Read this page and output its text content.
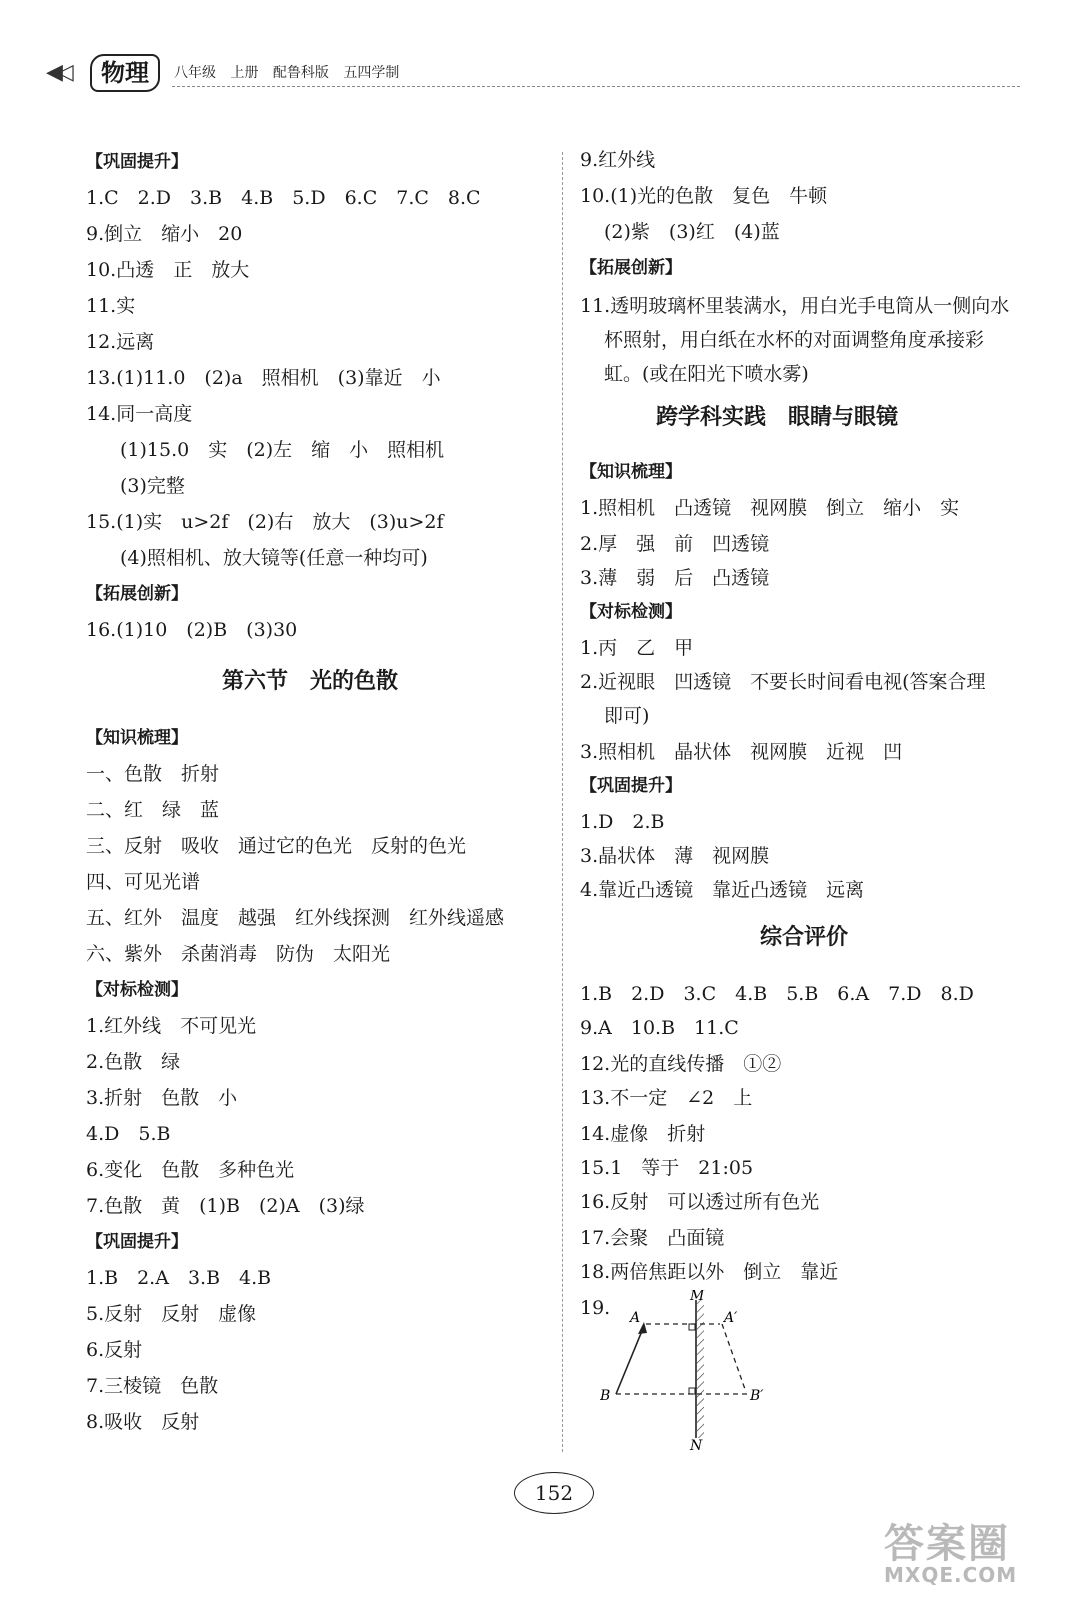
◀◁	物理	八年级 上册 配鲁科版 五四学制
【巩固提升】
1.C　2.D　3.B　4.B　5.D　6.C　7.C　8.C
9.倒立　缩小　20
10.凸透　正　放大
11.实
12.远离
13.(1)11.0　(2)a　照相机　(3)靠近　小
14.同一高度
(1)15.0　实　(2)左　缩　小　照相机
(3)完整
15.(1)实　u>2f　(2)右　放大　(3)u>2f
(4)照相机、放大镜等(任意一种均可)
【拓展创新】
16.(1)10　(2)B　(3)30
第六节　光的色散
【知识梳理】
一、色散　折射
二、红　绿　蓝
三、反射　吸收　通过它的色光　反射的色光
四、可见光谱
五、红外　温度　越强　红外线探测　红外线遥感
六、紫外　杀菌消毒　防伪　太阳光
【对标检测】
1.红外线　不可见光
2.色散　绿
3.折射　色散　小
4.D　5.B
6.变化　色散　多种色光
7.色散　黄　(1)B　(2)A　(3)绿
【巩固提升】
1.B　2.A　3.B　4.B
5.反射　反射　虚像
6.反射
7.三棱镜　色散
8.吸收　反射
9.红外线
10.(1)光的色散　复色　牛顿
(2)紫　(3)红　(4)蓝
【拓展创新】
11.透明玻璃杯里装满水，用白光手电筒从一侧向水
杯照射，用白纸在水杯的对面调整角度承接彩
虹。(或在阳光下喷水雾)
跨学科实践　眼睛与眼镜
【知识梳理】
1.照相机　凸透镜　视网膜　倒立　缩小　实
2.厚　强　前　凹透镜
3.薄　弱　后　凸透镜
【对标检测】
1.丙　乙　甲
2.近视眼　凹透镜　不要长时间看电视(答案合理
即可)
3.照相机　晶状体　视网膜　近视　凹
【巩固提升】
1.D　2.B
3.晶状体　薄　视网膜
4.靠近凸透镜　靠近凸透镜　远离
综合评价
1.B　2.D　3.C　4.B　5.B　6.A　7.D　8.D
9.A　10.B　11.C
12.光的直线传播　①②
13.不一定　∠2　上
14.虚像　折射
15.1　等于　21:05
16.反射　可以透过所有色光
17.会聚　凸面镜
18.两倍焦距以外　倒立　靠近
19.
M
N
A	A′
B	B′
152
答案圈
MXQE.COM
